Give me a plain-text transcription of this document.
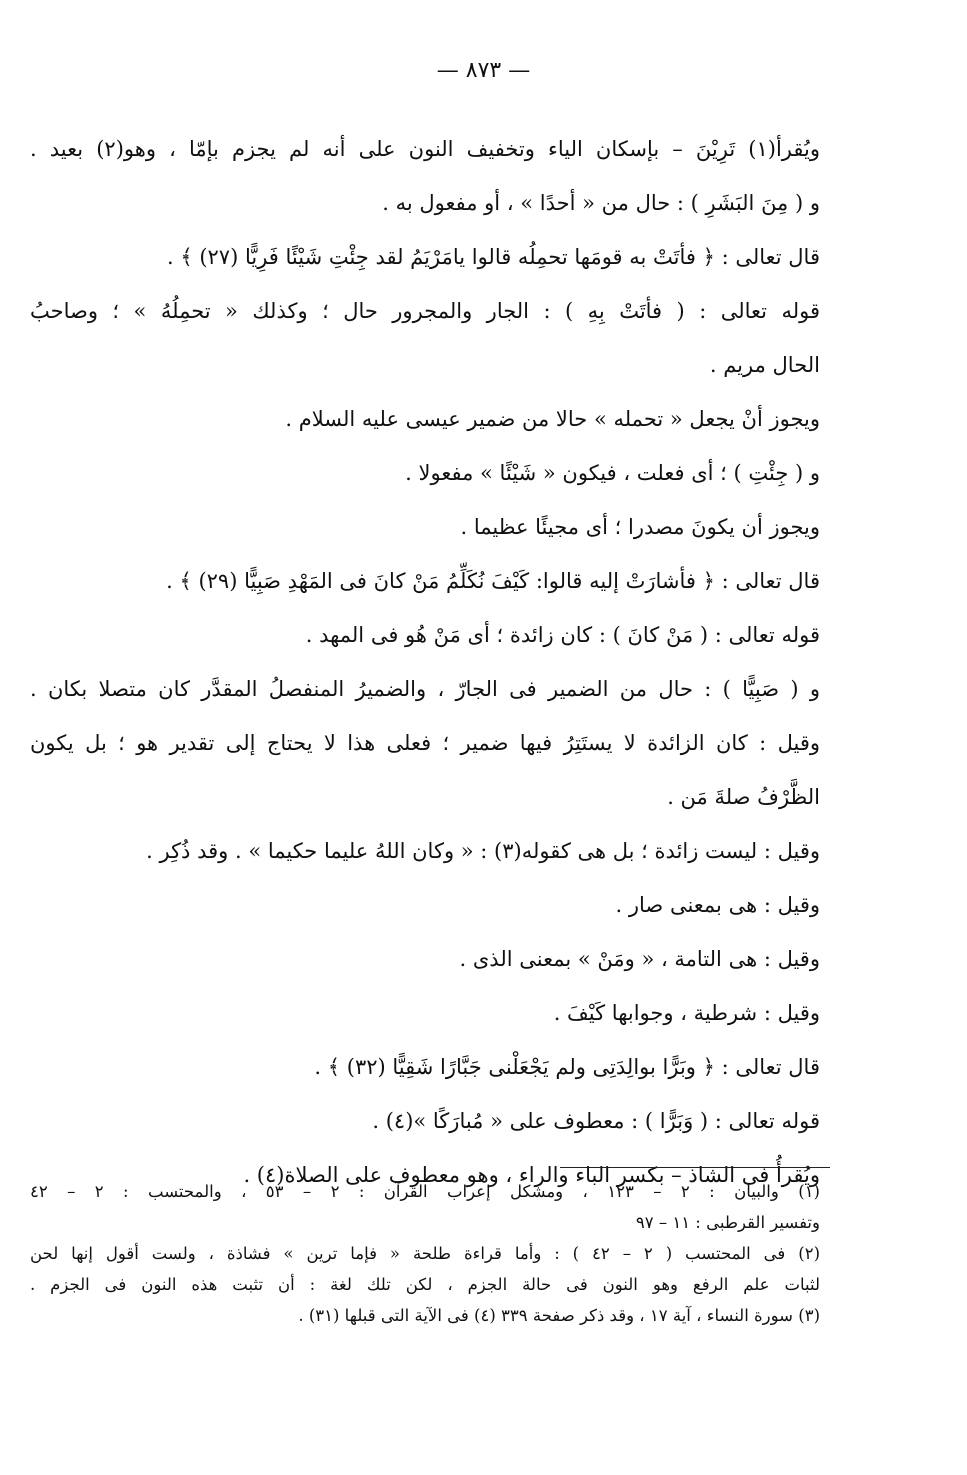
— ٨٧٣ —
ويُقرأ(١) تَرِيْنَ – بإسكان الياء وتخفيف النون على أنه لم يجزم بإمّا ، وهو(٢) بعيد .
و ( مِنَ البَشَرِ ) : حال من « أحدًا » ، أو مفعول به .
قال تعالى : ﴿ فأتَتْ به قومَها تحمِلُه قالوا يامَرْيَمُ لقد جِئْتِ شَيْئًا فَرِيًّا (٢٧) ﴾ .
قوله تعالى : ( فأتَتْ بِهِ ) : الجار والمجرور حال ؛ وكذلك « تحمِلُهُ » ؛ وصاحبُ
الحال مريم .
ويجوز أنْ يجعل « تحمله » حالا من ضمير عيسى عليه السلام .
و ( جِئْتِ ) ؛ أى فعلت ، فيكون « شَيْئًا » مفعولا .
ويجوز أن يكونَ مصدرا ؛ أى مجيئًا عظيما .
قال تعالى : ﴿ فأشارَتْ إليه قالوا: كَيْفَ نُكَلِّمُ مَنْ كانَ فى المَهْدِ صَبِيًّا (٢٩) ﴾ .
قوله تعالى : ( مَنْ كانَ ) : كان زائدة ؛ أى مَنْ هُو فى المهد .
و ( صَبِيًّا ) : حال من الضمير فى الجارّ ، والضميرُ المنفصلُ المقدَّر كان متصلا بكان .
وقيل : كان الزائدة لا يستَتِرُ فيها ضمير ؛ فعلى هذا لا يحتاج إلى تقدير هو ؛ بل يكون
الظَّرْفُ صلةَ مَن .
وقيل : ليست زائدة ؛ بل هى كقوله(٣) : « وكان اللهُ عليما حكيما » . وقد ذُكِر .
وقيل : هى بمعنى صار .
وقيل : هى التامة ، « ومَنْ » بمعنى الذى .
وقيل : شرطية ، وجوابها كَيْفَ .
قال تعالى : ﴿ وبَرًّا بوالِدَتِى ولم يَجْعَلْنى جَبَّارًا شَقِيًّا (٣٢) ﴾ .
قوله تعالى : ( وَبَرًّا ) : معطوف على « مُبارَكًا »(٤) .
ويُقرأُ فى الشاذ – بكسر الباء والراء ، وهو معطوف على الصلاة(٤) .
(١) والبيان : ٢ – ١٢٣ ، ومشكل إعراب القرآن : ٢ – ٥٣ ، والمحتسب : ٢ – ٤٢
وتفسير القرطبى : ١١ – ٩٧
(٢) فى المحتسب ( ٢ – ٤٢ ) : وأما قراءة طلحة « فإما ترين » فشاذة ، ولست أقول إنها لحن
لثبات علم الرفع وهو النون فى حالة الجزم ، لكن تلك لغة : أن تثبت هذه النون فى الجزم .
(٣) سورة النساء ، آية ١٧ ، وقد ذكر صفحة ٣٣٩ (٤) فى الآية التى قبلها (٣١) .
